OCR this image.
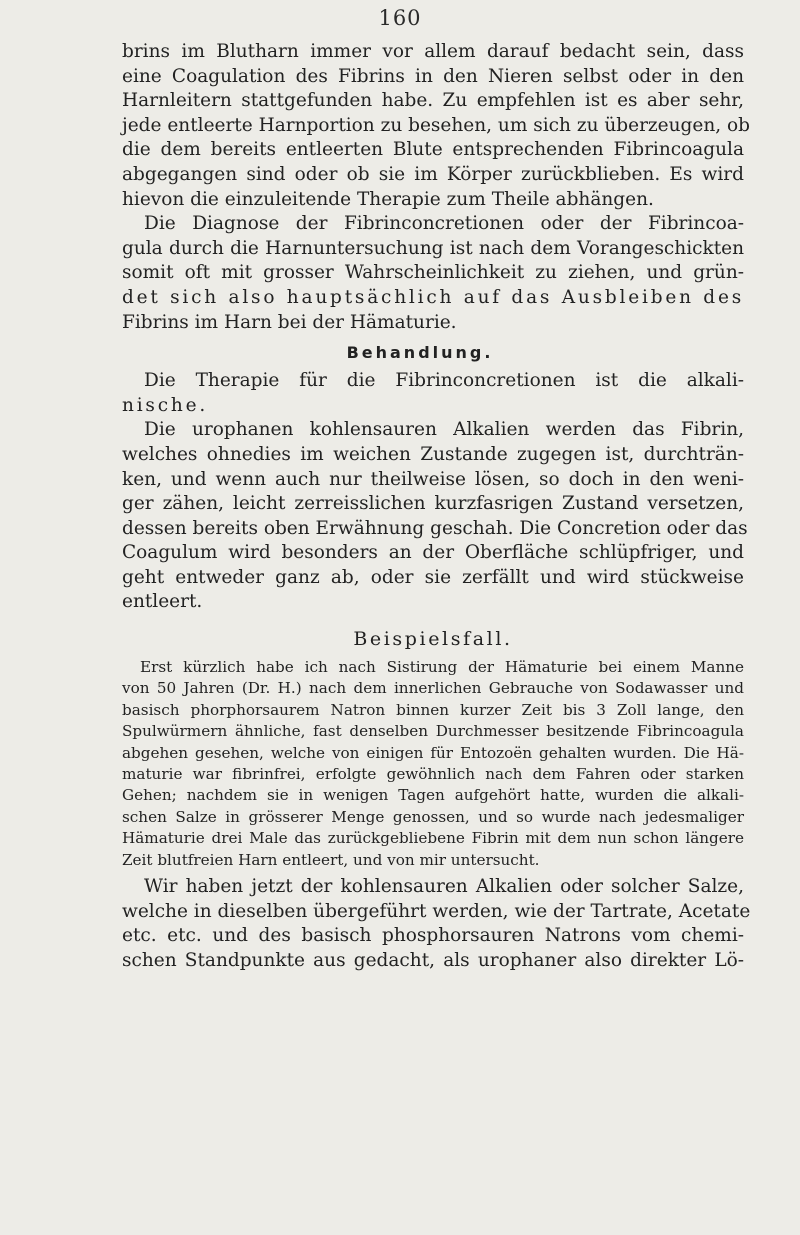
160
brins im Blutharn immer vor allem darauf bedacht sein, dass
eine Coagulation des Fibrins in den Nieren selbst oder in den
Harnleitern stattgefunden habe. Zu empfehlen ist es aber sehr,
jede entleerte Harnportion zu besehen, um sich zu überzeugen, ob
die dem bereits entleerten Blute entsprechenden Fibrincoagula
abgegangen sind oder ob sie im Körper zurückblieben. Es wird
hievon die einzuleitende Therapie zum Theile abhängen.
Die Diagnose der Fibrinconcretionen oder der Fibrincoa-
gula durch die Harnuntersuchung ist nach dem Vorangeschickten
somit oft mit grosser Wahrscheinlichkeit zu ziehen, und grün-
det sich also hauptsächlich auf das Ausbleiben des
Fibrins im Harn bei der Hämaturie.
Behandlung.
Die Therapie für die Fibrinconcretionen ist die alkali-
nische.
Die urophanen kohlensauren Alkalien werden das Fibrin,
welches ohnedies im weichen Zustande zugegen ist, durchträn-
ken, und wenn auch nur theilweise lösen, so doch in den weni-
ger zähen, leicht zerreisslichen kurzfasrigen Zustand versetzen,
dessen bereits oben Erwähnung geschah. Die Concretion oder das
Coagulum wird besonders an der Oberfläche schlüpfriger, und
geht entweder ganz ab, oder sie zerfällt und wird stückweise
entleert.
Beispielsfall.
Erst kürzlich habe ich nach Sistirung der Hämaturie bei einem Manne
von 50 Jahren (Dr. H.) nach dem innerlichen Gebrauche von Sodawasser und
basisch phorphorsaurem Natron binnen kurzer Zeit bis 3 Zoll lange, den
Spulwürmern ähnliche, fast denselben Durchmesser besitzende Fibrincoagula
abgehen gesehen, welche von einigen für Entozoën gehalten wurden. Die Hä-
maturie war fibrinfrei, erfolgte gewöhnlich nach dem Fahren oder starken
Gehen; nachdem sie in wenigen Tagen aufgehört hatte, wurden die alkali-
schen Salze in grösserer Menge genossen, und so wurde nach jedesmaliger
Hämaturie drei Male das zurückgebliebene Fibrin mit dem nun schon längere
Zeit blutfreien Harn entleert, und von mir untersucht.
Wir haben jetzt der kohlensauren Alkalien oder solcher Salze,
welche in dieselben übergeführt werden, wie der Tartrate, Acetate
etc. etc. und des basisch phosphorsauren Natrons vom chemi-
schen Standpunkte aus gedacht, als urophaner also direkter Lö-
